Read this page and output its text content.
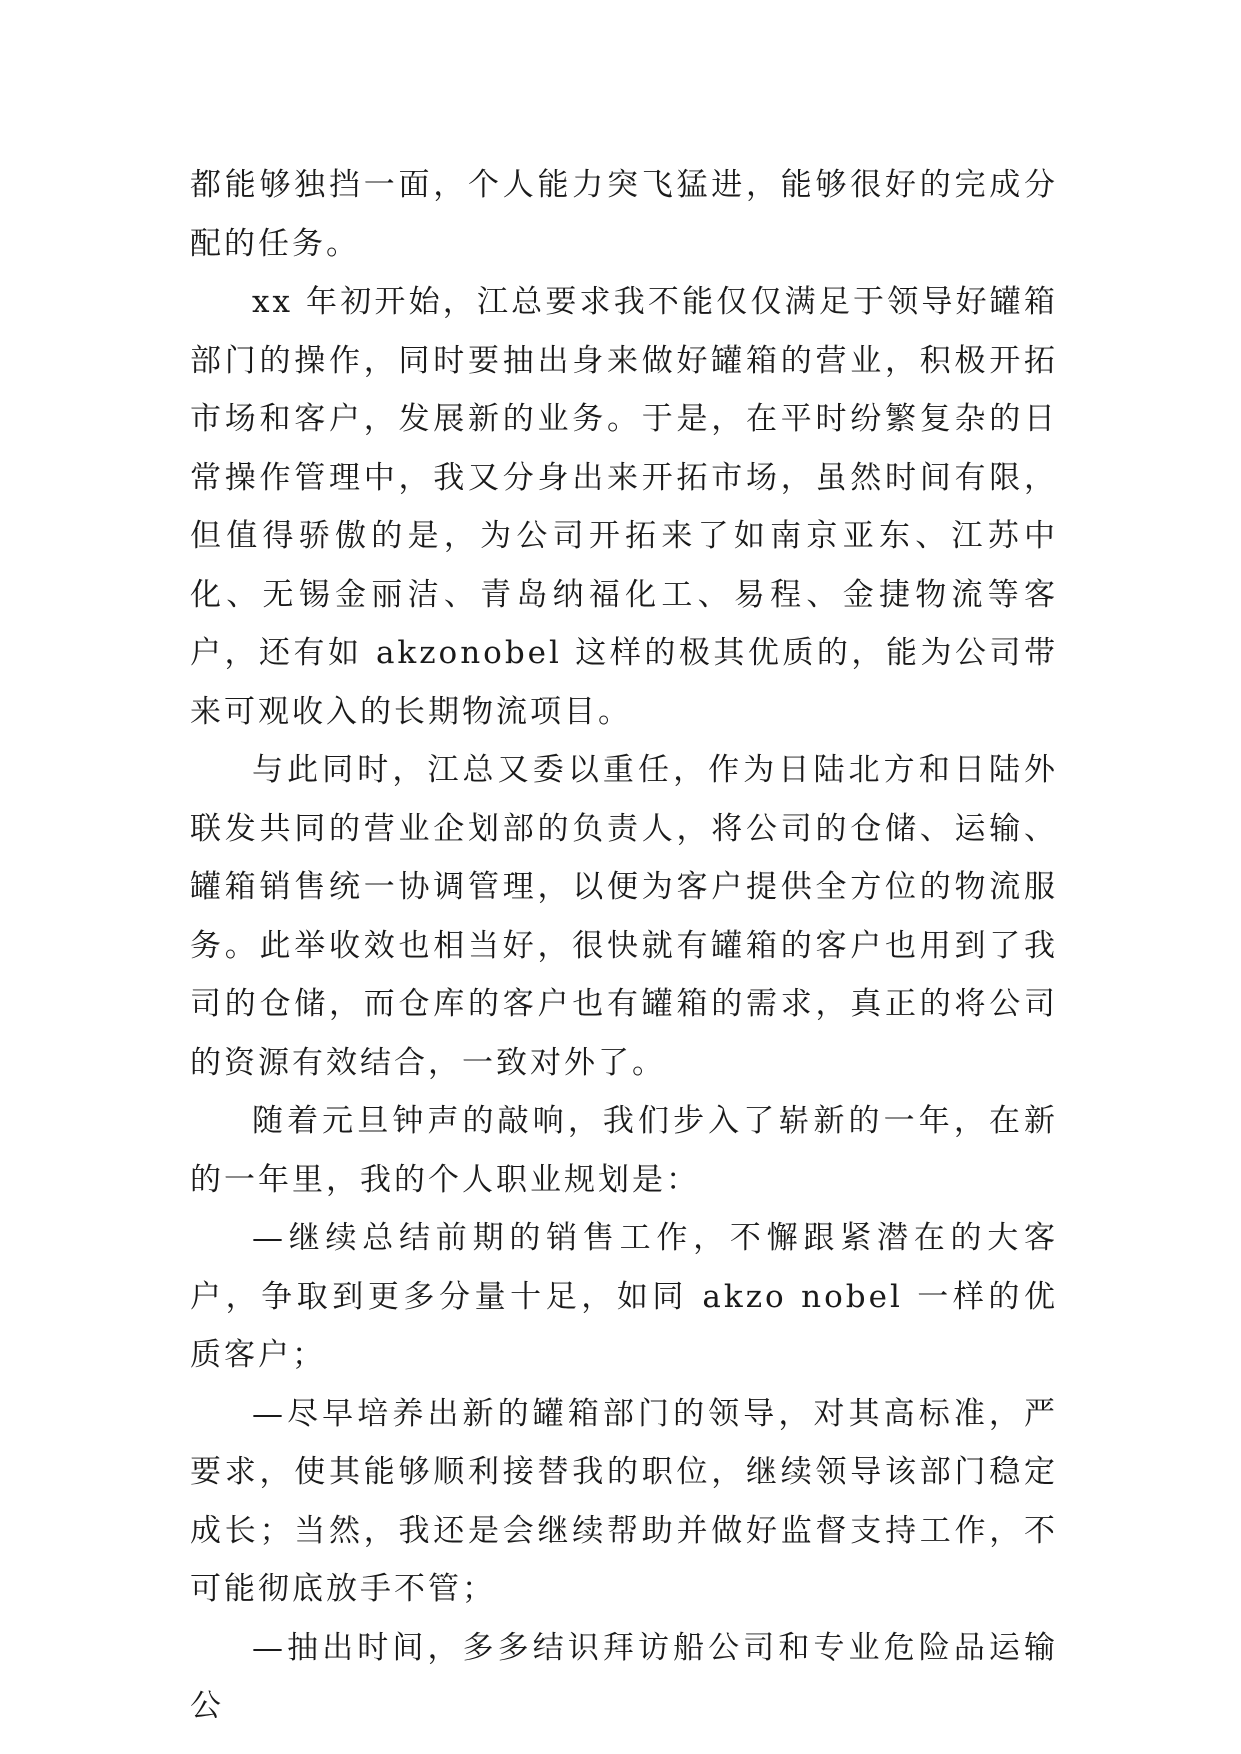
都能够独挡一面，个人能力突飞猛进，能够很好的完成分配的任务。

xx 年初开始，江总要求我不能仅仅满足于领导好罐箱部门的操作，同时要抽出身来做好罐箱的营业，积极开拓市场和客户，发展新的业务。于是，在平时纷繁复杂的日常操作管理中，我又分身出来开拓市场，虽然时间有限，但值得骄傲的是，为公司开拓来了如南京亚东、江苏中化、无锡金丽洁、青岛纳福化工、易程、金捷物流等客户，还有如 akzonobel 这样的极其优质的，能为公司带来可观收入的长期物流项目。

与此同时，江总又委以重任，作为日陆北方和日陆外联发共同的营业企划部的负责人，将公司的仓储、运输、罐箱销售统一协调管理，以便为客户提供全方位的物流服务。此举收效也相当好，很快就有罐箱的客户也用到了我司的仓储，而仓库的客户也有罐箱的需求，真正的将公司的资源有效结合，一致对外了。

随着元旦钟声的敲响，我们步入了崭新的一年，在新的一年里，我的个人职业规划是：

—继续总结前期的销售工作，不懈跟紧潜在的大客户，争取到更多分量十足，如同 akzo nobel 一样的优质客户；

—尽早培养出新的罐箱部门的领导，对其高标准，严要求，使其能够顺利接替我的职位，继续领导该部门稳定成长；当然，我还是会继续帮助并做好监督支持工作，不可能彻底放手不管；

—抽出时间，多多结识拜访船公司和专业危险品运输公
